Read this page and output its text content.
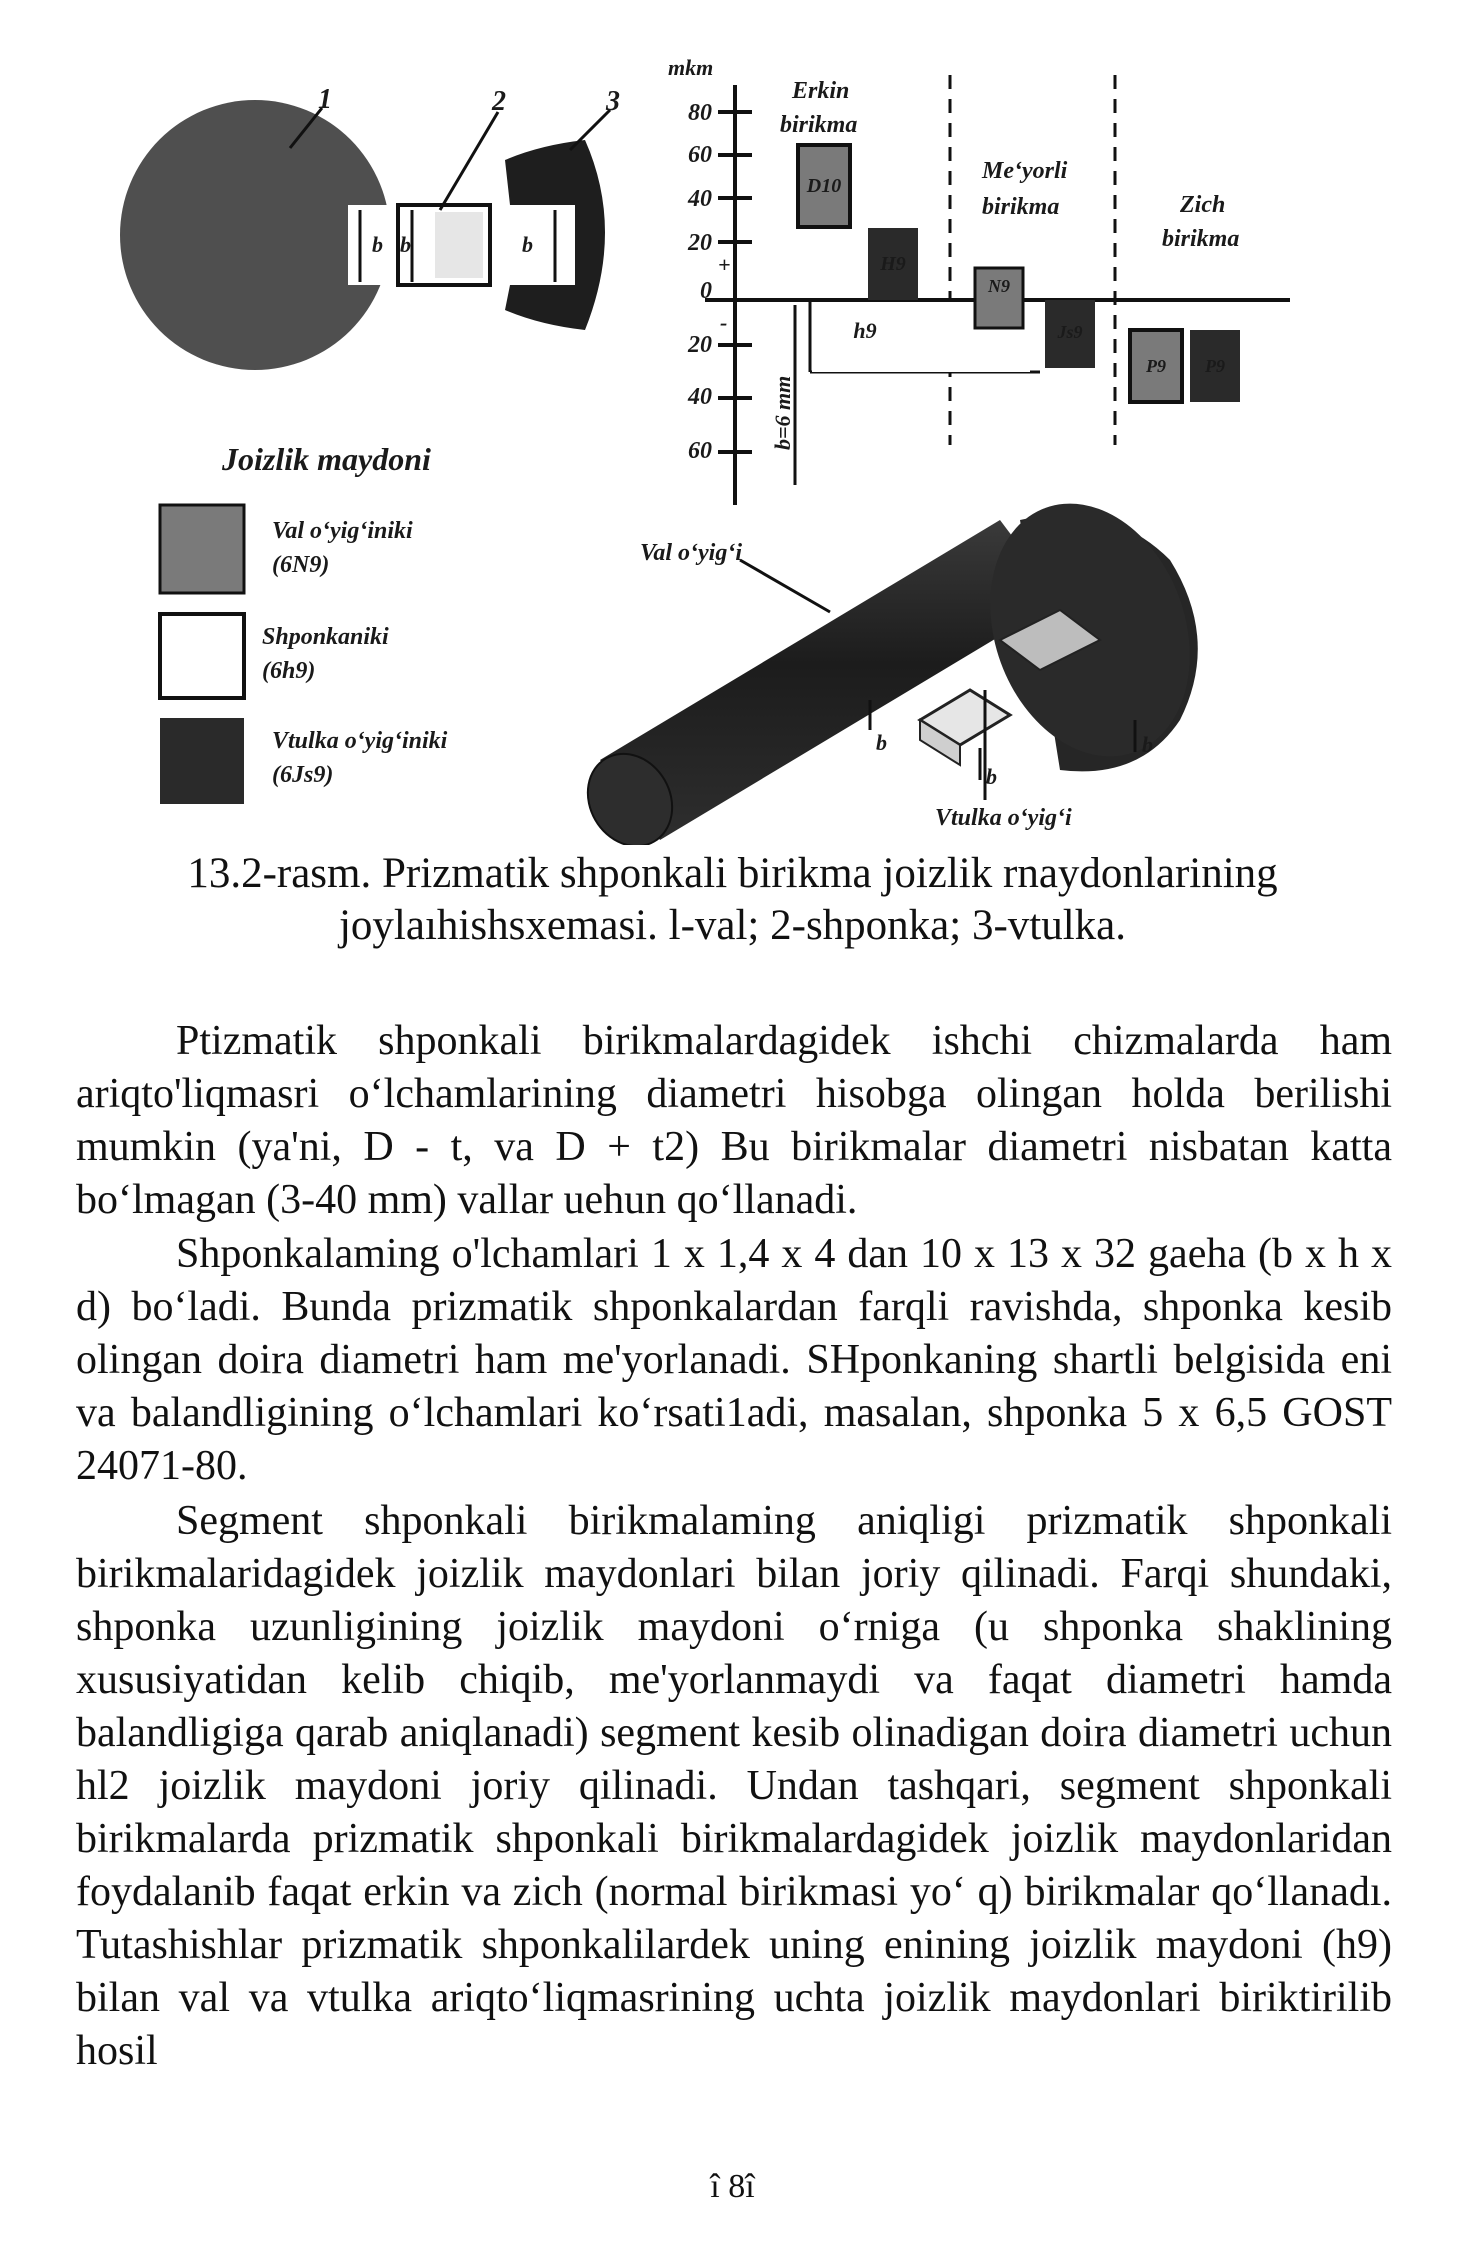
b
1
b
2
b
3
mkm
80
60
40
20
0
20
40
60
+
-
b=6 mm
Erkin
birikma
Me‘yorli
birikma	Zich
birikma
D10
H9
h9
N9
Js9
P9 P9
Joizlik maydoni
Val o‘yig‘iniki
(6N9)
Shponkaniki
(6h9)
Vtulka o‘yig‘iniki
(6Js9)
Val o‘yig‘i
Vtulka o‘yig‘i
b
b
b
13.2-rasm. Prizmatik shponkali birikma joizlik rnaydonlarining
joylaıhishsxemasi. l-val; 2-shponka; 3-vtulka.

Ptizmatik shponkali birikmalardagidek ishchi chizmalarda ham ariqto'liqmasri o‘lchamlarining diametri hisobga olingan holda berilishi mumkin (ya'ni, D - t, va D + t2) Bu birikmalar diametri nisbatan katta bo‘lmagan (3-40 mm) vallar uehun qo‘llanadi.

Shponkalaming o'lchamlari 1 x 1,4 x 4 dan 10 x 13 x 32 gaeha (b x h x d) bo‘ladi. Bunda prizmatik shponkalardan farqli ravishda, shponka kesib olingan doira diametri ham me'yorlanadi. SHponkaning shartli belgisida eni va balandligining o‘lchamlari ko‘rsati1adi, masalan, shponka 5 x 6,5 GOST 24071-80.

Segment shponkali birikmalaming aniqligi prizmatik shponkali birikmalaridagidek joizlik maydonlari bilan joriy qilinadi. Farqi shundaki, shponka uzunligining joizlik maydoni o‘rniga (u shponka shaklining xususiyatidan kelib chiqib, me'yorlanmaydi va faqat diametri hamda balandligiga qarab aniqlanadi) segment kesib olinadigan doira diametri uchun hl2 joizlik maydoni joriy qilinadi. Undan tashqari, segment shponkali birikmalarda prizmatik shponkali birikmalardagidek joizlik maydonlaridan foydalanib faqat erkin va zich (normal birikmasi yo‘ q) birikmalar qo‘llanadı. Tutashishlar prizmatik shponkalilardek uning enining joizlik maydoni (h9) bilan val va vtulka ariqto‘liqmasrining uchta joizlik maydonlari biriktirilib hosil

î 8î
